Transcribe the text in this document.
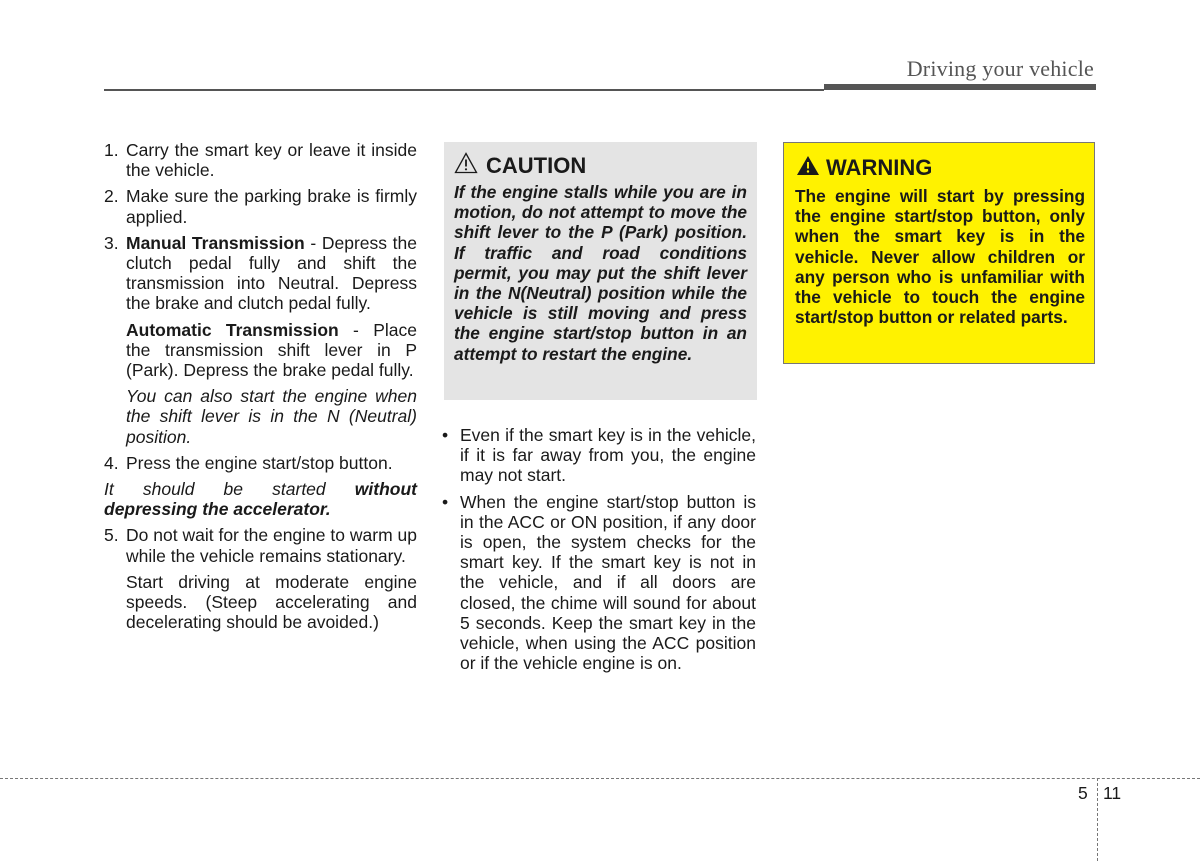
Driving your vehicle
1. Carry the smart key or leave it inside the vehicle.
2. Make sure the parking brake is firmly applied.
3. Manual Transmission - Depress the clutch pedal fully and shift the transmission into Neutral. Depress the brake and clutch pedal fully.
Automatic Transmission - Place the transmission shift lever in P (Park). Depress the brake pedal fully.
You can also start the engine when the shift lever is in the N (Neutral) position.
4. Press the engine start/stop button.
It should be started without depressing the accelerator.
5. Do not wait for the engine to warm up while the vehicle remains stationary.
Start driving at moderate engine speeds. (Steep accelerating and decelerating should be avoided.)
CAUTION
If the engine stalls while you are in motion, do not attempt to move the shift lever to the P (Park) position. If traffic and road conditions permit, you may put the shift lever in the N(Neutral) position while the vehicle is still moving and press the engine start/stop button in an attempt to restart the engine.
• Even if the smart key is in the vehicle, if it is far away from you, the engine may not start.
• When the engine start/stop button is in the ACC or ON position, if any door is open, the system checks for the smart key. If the smart key is not in the vehicle, and if all doors are closed, the chime will sound for about 5 seconds. Keep the smart key in the vehicle, when using the ACC position or if the vehicle engine is on.
WARNING
The engine will start by pressing the engine start/stop button, only when the smart key is in the vehicle. Never allow children or any person who is unfamiliar with the vehicle to touch the engine start/stop button or related parts.
5 11
